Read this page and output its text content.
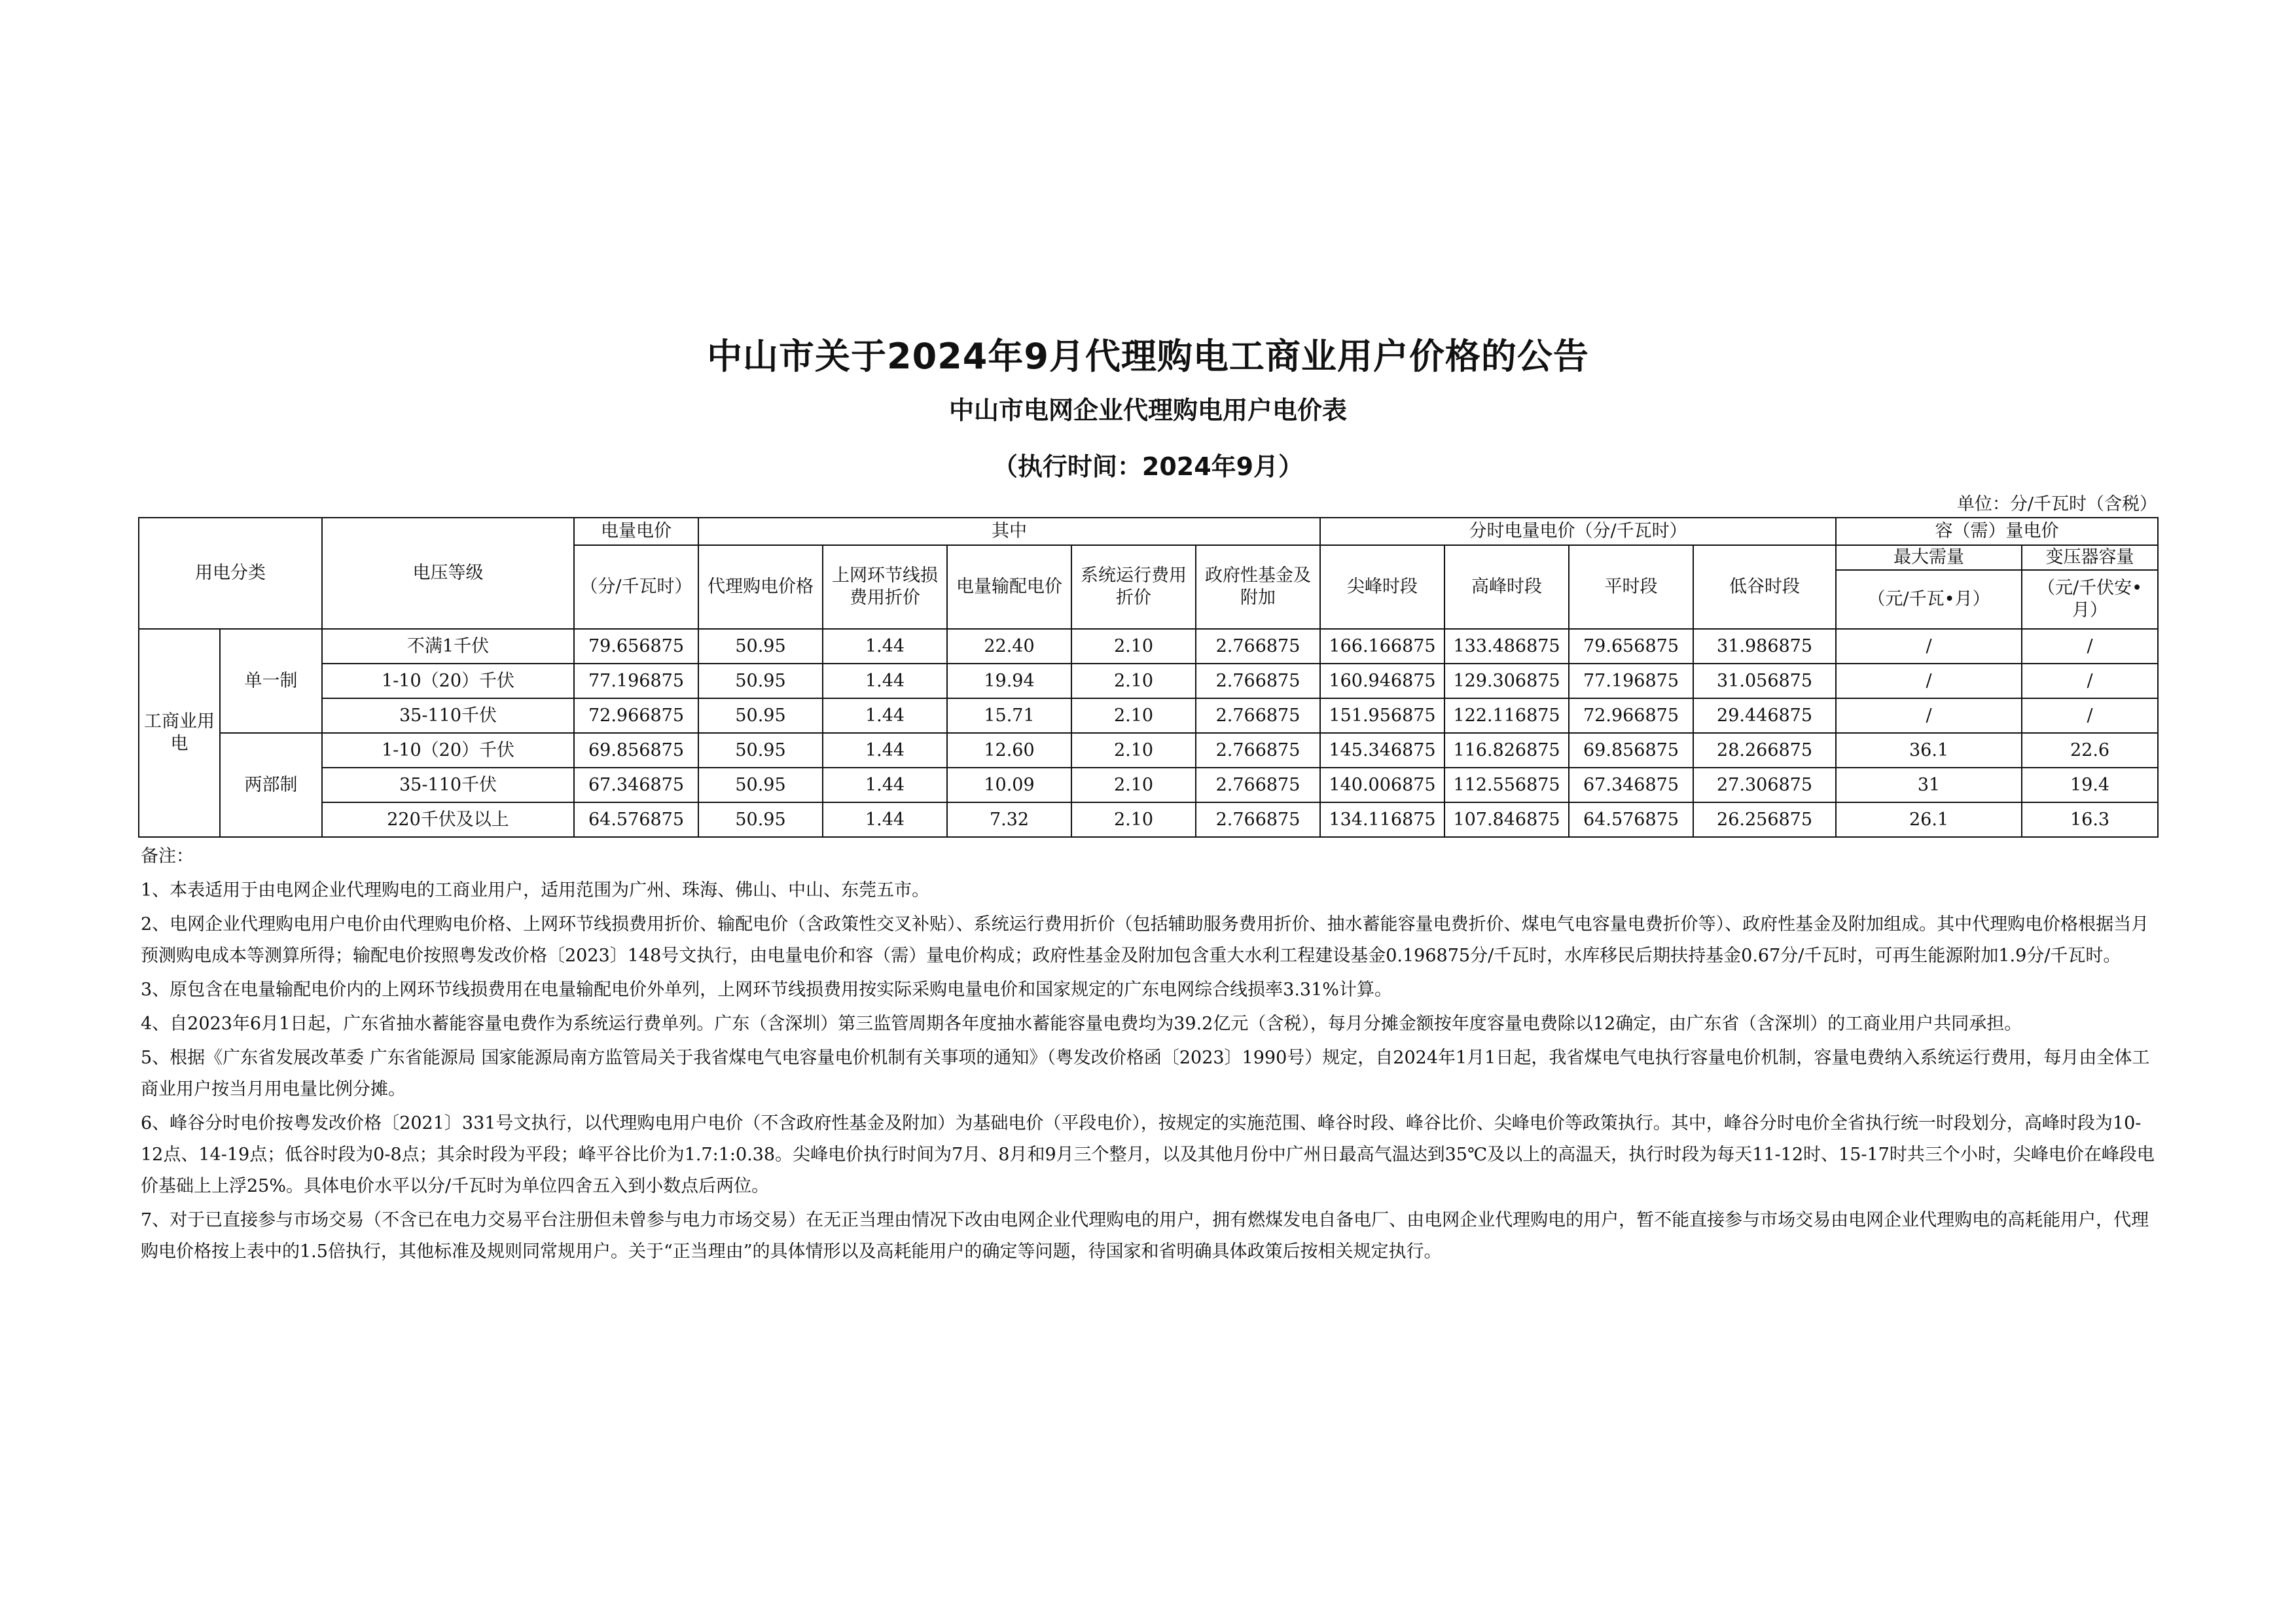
中山市关于2024年9月代理购电工商业用户价格的公告
中山市电网企业代理购电用户电价表
（执行时间：2024年9月）
单位：分/千瓦时（含税）
用电分类		电压等级	电量电价	其中					分时电量电价（分/千瓦时）				容（需）量电价	
			（分/千瓦时）	代理购电价格	上网环节线损费用折价	电量输配电价	系统运行费用折价	政府性基金及附加	尖峰时段	高峰时段	平时段	低谷时段	最大需量	变压器容量
													（元/千瓦•月）	（元/千伏安•月）
工商业用电	单一制	不满1千伏	79.656875	50.95	1.44	22.40	2.10	2.766875	166.166875	133.486875	79.656875	31.986875	/	/
		1-10（20）千伏	77.196875	50.95	1.44	19.94	2.10	2.766875	160.946875	129.306875	77.196875	31.056875	/	/
		35-110千伏	72.966875	50.95	1.44	15.71	2.10	2.766875	151.956875	122.116875	72.966875	29.446875	/	/
	两部制	1-10（20）千伏	69.856875	50.95	1.44	12.60	2.10	2.766875	145.346875	116.826875	69.856875	28.266875	36.1	22.6
		35-110千伏	67.346875	50.95	1.44	10.09	2.10	2.766875	140.006875	112.556875	67.346875	27.306875	31	19.4
		220千伏及以上	64.576875	50.95	1.44	7.32	2.10	2.766875	134.116875	107.846875	64.576875	26.256875	26.1	16.3

备注：

1、本表适用于由电网企业代理购电的工商业用户，适用范围为广州、珠海、佛山、中山、东莞五市。

2、电网企业代理购电用户电价由代理购电价格、上网环节线损费用折价、输配电价（含政策性交叉补贴）、系统运行费用折价（包括辅助服务费用折价、抽水蓄能容量电费折价、煤电气电容量电费折价等）、政府性基金及附加组成。其中代理购电价格根据当月预测购电成本等测算所得；输配电价按照粤发改价格〔2023〕148号文执行，由电量电价和容（需）量电价构成；政府性基金及附加包含重大水利工程建设基金0.196875分/千瓦时，水库移民后期扶持基金0.67分/千瓦时，可再生能源附加1.9分/千瓦时。

3、原包含在电量输配电价内的上网环节线损费用在电量输配电价外单列，上网环节线损费用按实际采购电量电价和国家规定的广东电网综合线损率3.31%计算。

4、自2023年6月1日起，广东省抽水蓄能容量电费作为系统运行费单列。广东（含深圳）第三监管周期各年度抽水蓄能容量电费均为39.2亿元（含税），每月分摊金额按年度容量电费除以12确定，由广东省（含深圳）的工商业用户共同承担。

5、根据《广东省发展改革委 广东省能源局 国家能源局南方监管局关于我省煤电气电容量电价机制有关事项的通知》（粤发改价格函〔2023〕1990号）规定，自2024年1月1日起，我省煤电气电执行容量电价机制，容量电费纳入系统运行费用，每月由全体工商业用户按当月用电量比例分摊。

6、峰谷分时电价按粤发改价格〔2021〕331号文执行，以代理购电用户电价（不含政府性基金及附加）为基础电价（平段电价），按规定的实施范围、峰谷时段、峰谷比价、尖峰电价等政策执行。其中，峰谷分时电价全省执行统一时段划分，高峰时段为10-12点、14-19点；低谷时段为0-8点；其余时段为平段；峰平谷比价为1.7:1:0.38。尖峰电价执行时间为7月、8月和9月三个整月，以及其他月份中广州日最高气温达到35℃及以上的高温天，执行时段为每天11-12时、15-17时共三个小时，尖峰电价在峰段电价基础上上浮25%。具体电价水平以分/千瓦时为单位四舍五入到小数点后两位。

7、对于已直接参与市场交易（不含已在电力交易平台注册但未曾参与电力市场交易）在无正当理由情况下改由电网企业代理购电的用户，拥有燃煤发电自备电厂、由电网企业代理购电的用户，暂不能直接参与市场交易由电网企业代理购电的高耗能用户，代理购电价格按上表中的1.5倍执行，其他标准及规则同常规用户。关于“正当理由”的具体情形以及高耗能用户的确定等问题，待国家和省明确具体政策后按相关规定执行。
